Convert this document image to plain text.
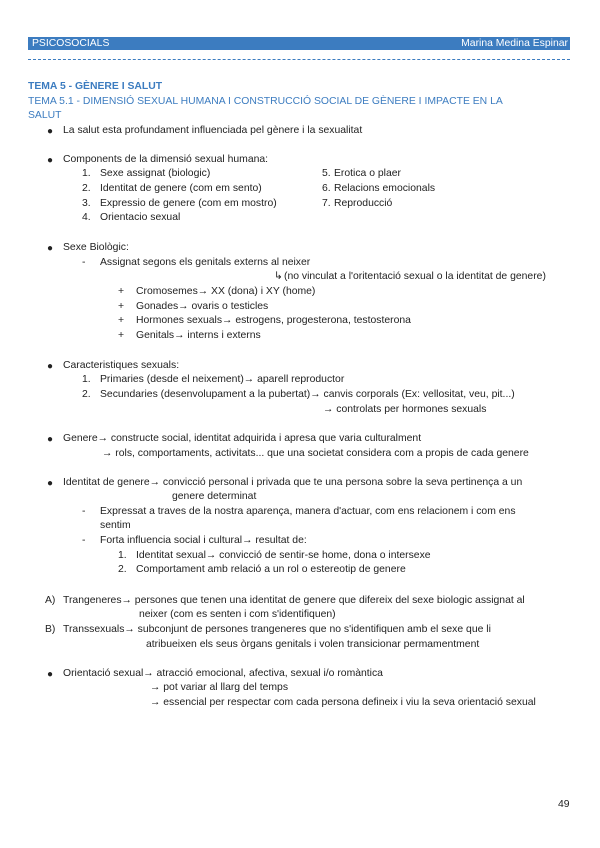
PSICOSOCIALS	Marina Medina Espinar
TEMA 5 - GÈNERE I SALUT
TEMA 5.1 - DIMENSIÓ SEXUAL HUMANA I CONSTRUCCIÓ SOCIAL DE GÈNERE I IMPACTE EN LA
SALUT
● La salut esta profundament influenciada pel gènere i la sexualitat
● Components de la dimensió sexual humana:
1. Sexe assignat (biologic)
2. Identitat de genere (com em sento)
3. Expressio de genere (com em mostro)
4. Orientacio sexual
5. Erotica o plaer
6. Relacions emocionals
7. Reproducció
● Sexe Biològic:
- Assignat segons els genitals externs al neixer
↳ (no vinculat a l'oritentació sexual o la identitat de genere)
+ Cromosemes→ XX (dona) i XY (home)
+ Gonades→ ovaris o testicles
+ Hormones sexuals→ estrogens, progesterona, testosterona
+ Genitals→ interns i externs
● Caracteristiques sexuals:
1. Primaries (desde el neixement)→ aparell reproductor
2. Secundaries (desenvolupament a la pubertat)→ canvis corporals (Ex: vellositat, veu, pit...)
→ controlats per hormones sexuals
● Genere→ constructe social, identitat adquirida i apresa que varia culturalment
→ rols, comportaments, activitats... que una societat considera com a propis de cada genere
● Identitat de genere→ convicció personal i privada que te una persona sobre la seva pertinença a un
genere determinat
- Expressat a traves de la nostra aparença, manera d'actuar, com ens relacionem i com ens
sentim
- Forta influencia social i cultural→ resultat de:
1. Identitat sexual→ convicció de sentir-se home, dona o intersexe
2. Comportament amb relació a un rol o estereotip de genere
A) Trangeneres→ persones que tenen una identitat de genere que difereix del sexe biologic assignat al
neixer (com es senten i com s'identifiquen)
B) Transsexuals→ subconjunt de persones trangeneres que no s'identifiquen amb el sexe que li
atribueixen els seus òrgans genitals i volen transicionar permamentment
● Orientació sexual→ atracció emocional, afectiva, sexual i/o romàntica
→ pot variar al llarg del temps
→ essencial per respectar com cada persona defineix i viu la seva orientació sexual
49
